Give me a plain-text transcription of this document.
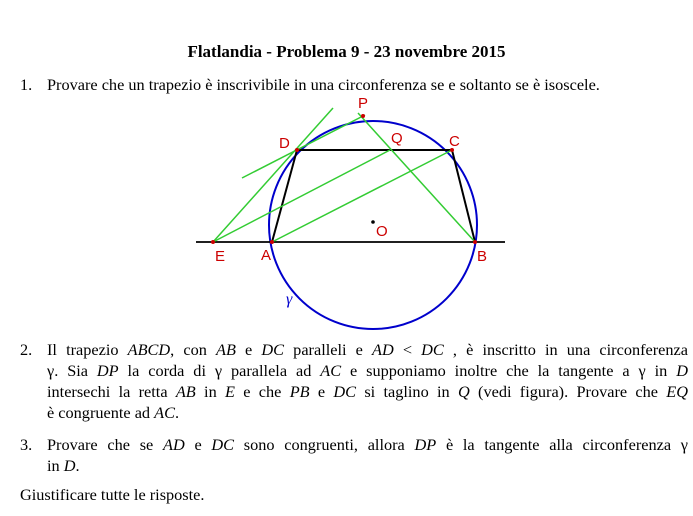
Flatlandia - Problema 9 - 23 novembre 2015
1. Provare che un trapezio è inscrivibile in una circonferenza se e soltanto se è isoscele.
P
D	Q	C
O
E A	B
γ
2. Il trapezio ABCD, con AB e DC paralleli e AD < DC , è inscritto in una circonferenza
γ. Sia DP la corda di γ parallela ad AC e supponiamo inoltre che la tangente a γ in D
intersechi la retta AB in E e che PB e DC si taglino in Q (vedi figura). Provare che EQ
è congruente ad AC.
3. Provare che se AD e DC sono congruenti, allora DP è la tangente alla circonferenza γ
in D.
Giustificare tutte le risposte.
